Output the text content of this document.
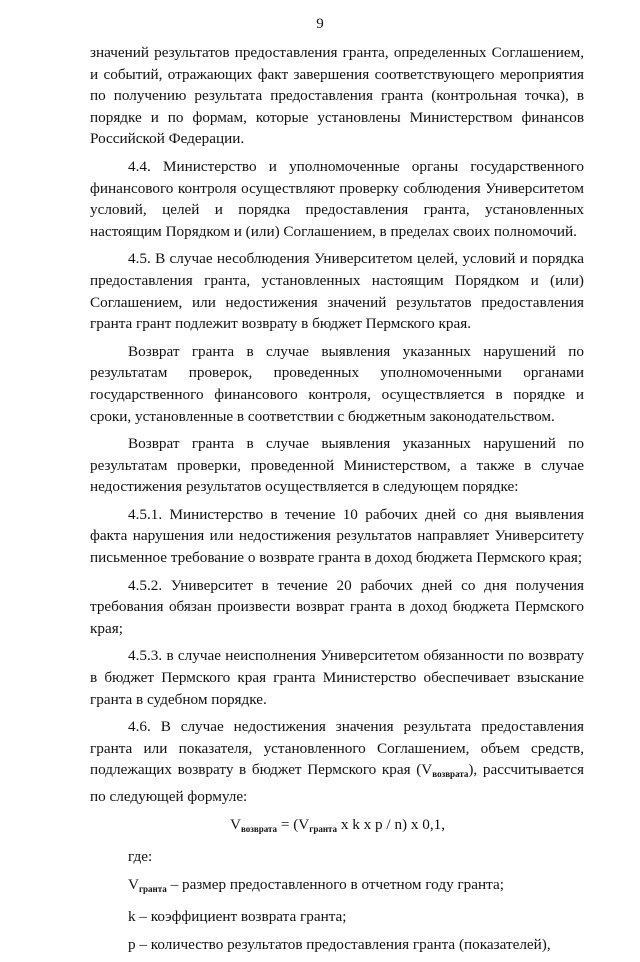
9

значений результатов предоставления гранта, определенных Соглашением, и событий, отражающих факт завершения соответствующего мероприятия по получению результата предоставления гранта (контрольная точка), в порядке и по формам, которые установлены Министерством финансов Российской Федерации.

4.4. Министерство и уполномоченные органы государственного финансового контроля осуществляют проверку соблюдения Университетом условий, целей и порядка предоставления гранта, установленных настоящим Порядком и (или) Соглашением, в пределах своих полномочий.

4.5. В случае несоблюдения Университетом целей, условий и порядка предоставления гранта, установленных настоящим Порядком и (или) Соглашением, или недостижения значений результатов предоставления гранта грант подлежит возврату в бюджет Пермского края.

Возврат гранта в случае выявления указанных нарушений по результатам проверок, проведенных уполномоченными органами государственного финансового контроля, осуществляется в порядке и сроки, установленные в соответствии с бюджетным законодательством.

Возврат гранта в случае выявления указанных нарушений по результатам проверки, проведенной Министерством, а также в случае недостижения результатов осуществляется в следующем порядке:

4.5.1. Министерство в течение 10 рабочих дней со дня выявления факта нарушения или недостижения результатов направляет Университету письменное требование о возврате гранта в доход бюджета Пермского края;

4.5.2. Университет в течение 20 рабочих дней со дня получения требования обязан произвести возврат гранта в доход бюджета Пермского края;

4.5.3. в случае неисполнения Университетом обязанности по возврату в бюджет Пермского края гранта Министерство обеспечивает взыскание гранта в судебном порядке.

4.6. В случае недостижения значения результата предоставления гранта или показателя, установленного Соглашением, объем средств, подлежащих возврату в бюджет Пермского края $(V_{возврата})$, рассчитывается по следующей формуле:

$V_{возврата} = (V_{гранта}$ x k x p / n) x 0,1,

где:

$V_{гранта}$ – размер предоставленного в отчетном году гранта;

k – коэффициент возврата гранта;

p – количество результатов предоставления гранта (показателей),
